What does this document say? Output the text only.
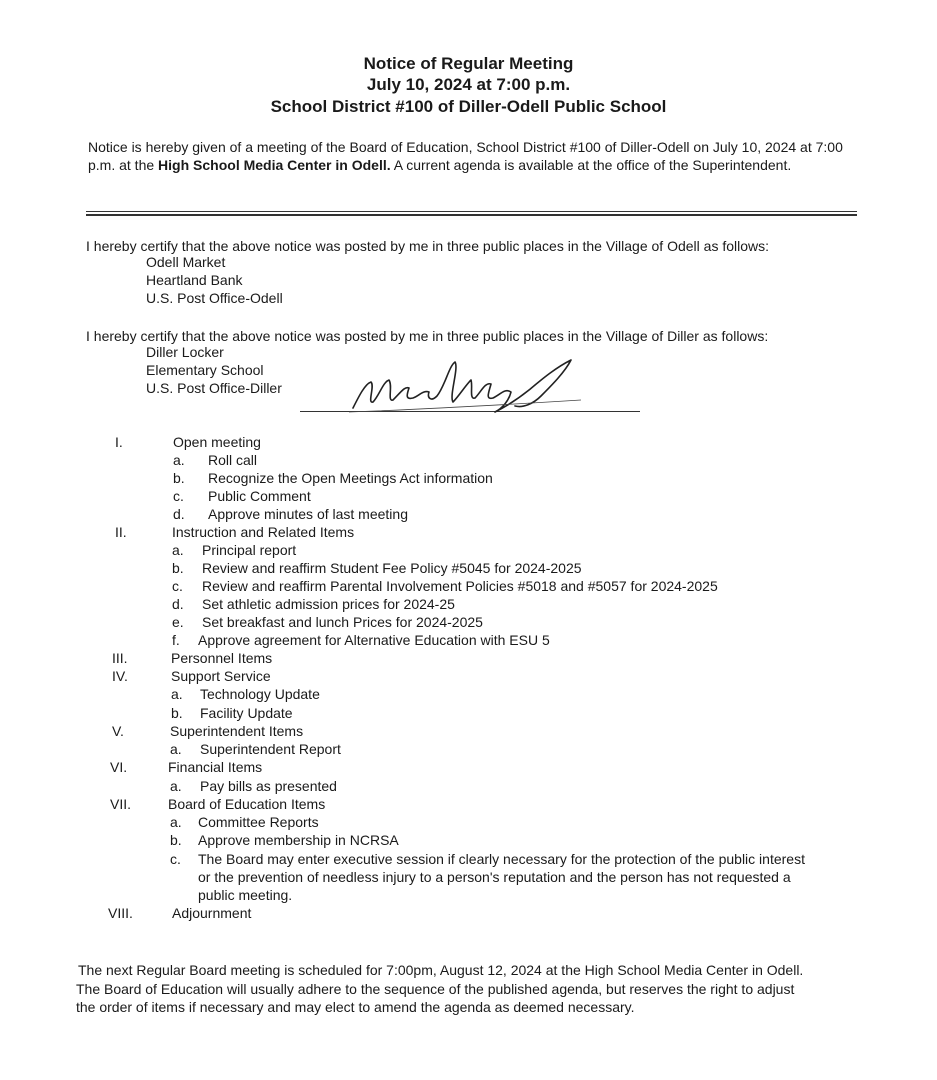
Notice of Regular Meeting
July 10, 2024 at 7:00 p.m.
School District #100 of Diller-Odell Public School
Notice is hereby given of a meeting of the Board of Education, School District #100 of Diller-Odell on July 10, 2024 at 7:00 p.m. at the High School Media Center in Odell. A current agenda is available at the office of the Superintendent.
I hereby certify that the above notice was posted by me in three public places in the Village of Odell as follows:
Odell Market
Heartland Bank
U.S. Post Office-Odell
I hereby certify that the above notice was posted by me in three public places in the Village of Diller as follows:
Diller Locker
Elementary School
U.S. Post Office-Diller
I.	Open meeting
a. Roll call
b. Recognize the Open Meetings Act information
c. Public Comment
d. Approve minutes of last meeting
II.	Instruction and Related Items
a. Principal report
b. Review and reaffirm Student Fee Policy #5045 for 2024-2025
c. Review and reaffirm Parental Involvement Policies #5018 and #5057 for 2024-2025
d. Set athletic admission prices for 2024-25
e. Set breakfast and lunch Prices for 2024-2025
f. Approve agreement for Alternative Education with ESU 5
III.	Personnel Items
IV.	Support Service
a. Technology Update
b. Facility Update
V.	Superintendent Items
a. Superintendent Report
VI.	Financial Items
a. Pay bills as presented
VII.	Board of Education Items
a. Committee Reports
b. Approve membership in NCRSA
c. The Board may enter executive session if clearly necessary for the protection of the public interest
or the prevention of needless injury to a person's reputation and the person has not requested a
public meeting.
VIII.	Adjournment
The next Regular Board meeting is scheduled for 7:00pm, August 12, 2024 at the High School Media Center in Odell.
The Board of Education will usually adhere to the sequence of the published agenda, but reserves the right to adjust
the order of items if necessary and may elect to amend the agenda as deemed necessary.
